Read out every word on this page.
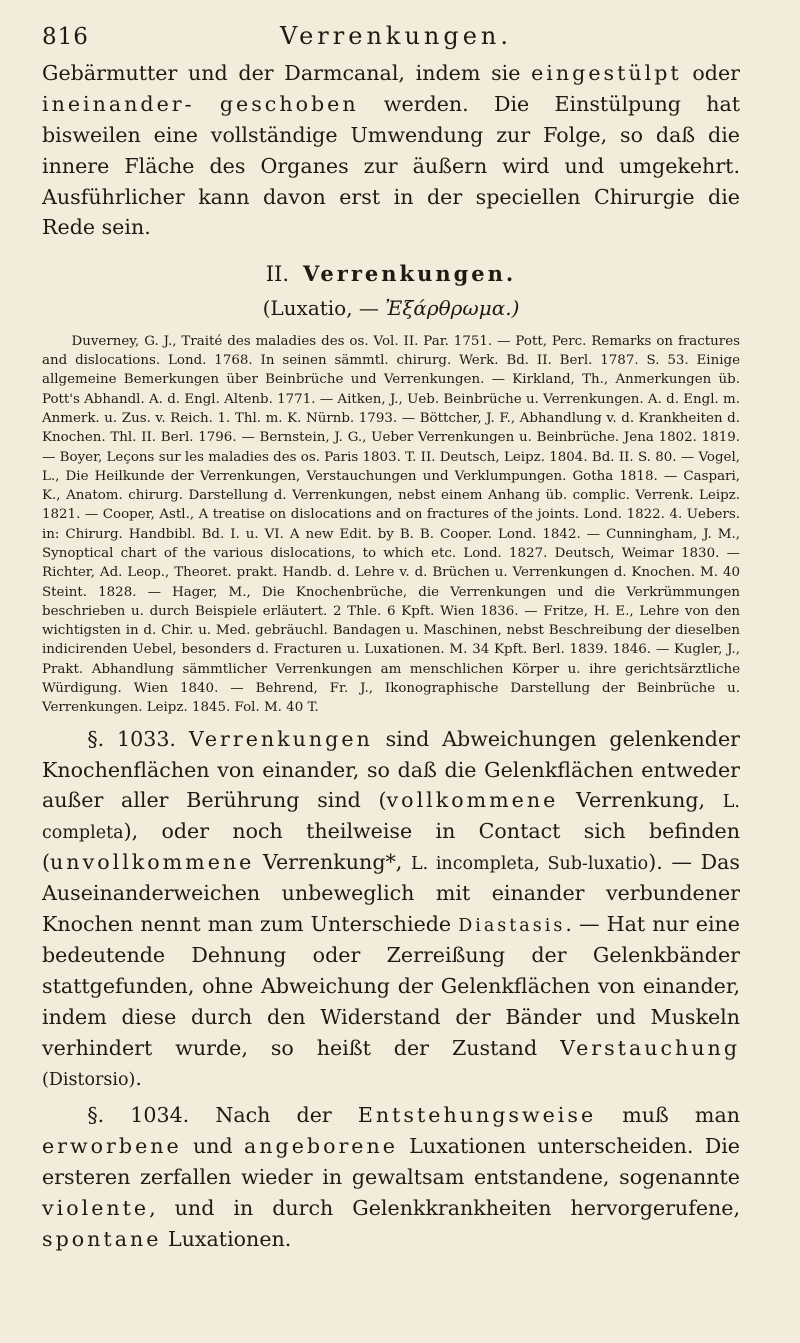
816	Verrenkungen.

Gebärmutter und der Darmcanal, indem sie eingestülpt oder ineinander- geschoben werden. Die Einstülpung hat bisweilen eine vollständige Umwendung zur Folge, so daß die innere Fläche des Organes zur äußern wird und umgekehrt. Ausführlicher kann davon erst in der speciellen Chirurgie die Rede sein.

II. Verrenkungen.
(Luxatio, — Ἐξάρθρωμα.)

Duverney, G. J., Traité des maladies des os. Vol. II. Par. 1751. — Pott, Perc. Remarks on fractures and dislocations. Lond. 1768. In seinen sämmtl. chirurg. Werk. Bd. II. Berl. 1787. S. 53. Einige allgemeine Bemerkungen über Beinbrüche und Verrenkungen. — Kirkland, Th., Anmerkungen üb. Pott's Abhandl. A. d. Engl. Altenb. 1771. — Aitken, J., Ueb. Beinbrüche u. Verrenkungen. A. d. Engl. m. Anmerk. u. Zus. v. Reich. 1. Thl. m. K. Nürnb. 1793. — Böttcher, J. F., Abhandlung v. d. Krankheiten d. Knochen. Thl. II. Berl. 1796. — Bernstein, J. G., Ueber Verrenkungen u. Beinbrüche. Jena 1802. 1819. — Boyer, Leçons sur les maladies des os. Paris 1803. T. II. Deutsch, Leipz. 1804. Bd. II. S. 80. — Vogel, L., Die Heilkunde der Verrenkungen, Verstauchungen und Verklumpungen. Gotha 1818. — Caspari, K., Anatom. chirurg. Darstellung d. Verrenkungen, nebst einem Anhang üb. complic. Verrenk. Leipz. 1821. — Cooper, Astl., A treatise on dislocations and on fractures of the joints. Lond. 1822. 4. Uebers. in: Chirurg. Handbibl. Bd. I. u. VI. A new Edit. by B. B. Cooper. Lond. 1842. — Cunningham, J. M., Synoptical chart of the various dislocations, to which etc. Lond. 1827. Deutsch, Weimar 1830. — Richter, Ad. Leop., Theoret. prakt. Handb. d. Lehre v. d. Brüchen u. Verrenkungen d. Knochen. M. 40 Steint. 1828. — Hager, M., Die Knochenbrüche, die Verrenkungen und die Verkrümmungen beschrieben u. durch Beispiele erläutert. 2 Thle. 6 Kpft. Wien 1836. — Fritze, H. E., Lehre von den wichtigsten in d. Chir. u. Med. gebräuchl. Bandagen u. Maschinen, nebst Beschreibung der dieselben indicirenden Uebel, besonders d. Fracturen u. Luxationen. M. 34 Kpft. Berl. 1839. 1846. — Kugler, J., Prakt. Abhandlung sämmtlicher Verrenkungen am menschlichen Körper u. ihre gerichtsärztliche Würdigung. Wien 1840. — Behrend, Fr. J., Ikonographische Darstellung der Beinbrüche u. Verrenkungen. Leipz. 1845. Fol. M. 40 T.

§. 1033. Verrenkungen sind Abweichungen gelenkender Knochenflächen von einander, so daß die Gelenkflächen entweder außer aller Berührung sind (vollkommene Verrenkung, L. completa), oder noch theilweise in Contact sich befinden (unvollkommene Verrenkung*, L. incompleta, Sub-luxatio). — Das Auseinanderweichen unbeweglich mit einander verbundener Knochen nennt man zum Unterschiede Diastasis. — Hat nur eine bedeutende Dehnung oder Zerreißung der Gelenkbänder stattgefunden, ohne Abweichung der Gelenkflächen von einander, indem diese durch den Widerstand der Bänder und Muskeln verhindert wurde, so heißt der Zustand Verstauchung (Distorsio).

§. 1034. Nach der Entstehungsweise muß man erworbene und angeborene Luxationen unterscheiden. Die ersteren zerfallen wieder in gewaltsam entstandene, sogenannte violente, und in durch Gelenkkrankheiten hervorgerufene, spontane Luxationen.
